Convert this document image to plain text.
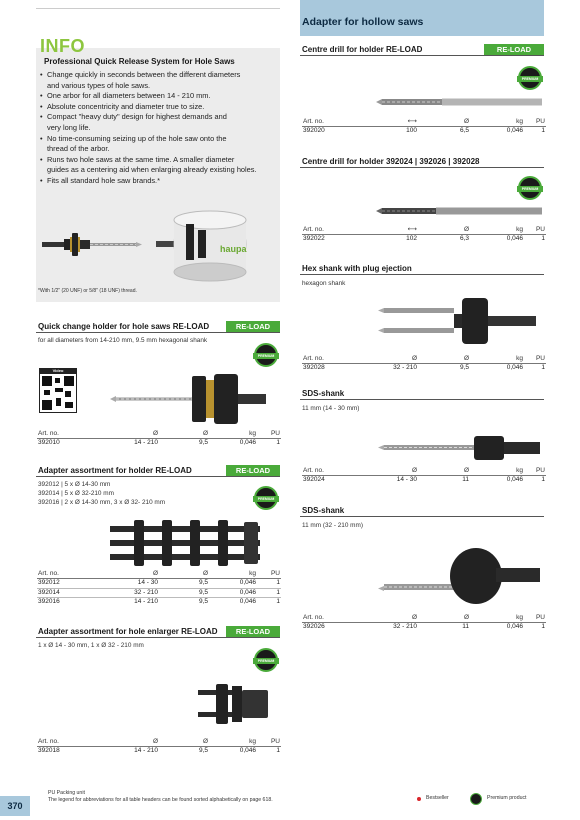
Adapter for hollow saws
INFO
Professional Quick Release System for Hole Saws
• Change quickly in seconds between the different diameters
and various types of hole saws.
• One arbor for all diameters between 14 - 210 mm.
• Absolute concentricity and diameter true to size.
• Compact "heavy duty" design for highest demands and
very long life.
• No time-consuming seizing up of the hole saw onto the
thread of the arbor.
• Runs two hole saws at the same time. A smaller diameter
guides as a centering aid when enlarging already existing holes.
• Fits all standard hole saw brands.*
haupa
*With 1/2" (20 UNF) or 5/8" (18 UNF) thread.
Quick change holder for hole saws RE-LOAD	RE-LOAD
for all diameters from 14-210 mm, 9.5 mm hexagonal shank
PREMIUM
Video
Art. no.	Ø	Ø	kg	PU
392010	14 - 210	9,5	0,046	1
Adapter assortment for holder RE-LOAD	RE-LOAD
392012 | 5 x Ø 14-30 mm
392014 | 5 x Ø 32-210 mm
392016 | 2 x Ø 14-30 mm, 3 x Ø 32- 210 mm	PREMIUM
Art. no.	Ø	Ø	kg	PU
392012	14 - 30	9,5	0,046	1
392014	32 - 210	9,5	0,046	1
392016	14 - 210	9,5	0,046	1
Adapter assortment for hole enlarger RE-LOAD	RE-LOAD
1 x Ø 14 - 30 mm, 1 x Ø 32 - 210 mm
PREMIUM
Art. no.	Ø	Ø	kg	PU
392018	14 - 210	9,5	0,046	1
Centre drill for holder RE-LOAD	RE-LOAD
PREMIUM
Art. no.	⟷	Ø	kg	PU
392020	100	6,5	0,046	1
Centre drill for holder 392024 | 392026 | 392028
PREMIUM
Art. no.	⟷	Ø	kg	PU
392022	102	6,3	0,046	1
Hex shank with plug ejection
hexagon shank
Art. no.	Ø	Ø	kg	PU
392028	32 - 210	9,5	0,046	1
SDS-shank
11 mm (14 - 30 mm)
Art. no.	Ø	Ø	kg	PU
392024	14 - 30	11	0,046	1
SDS-shank
11 mm (32 - 210 mm)
Art. no.	Ø	Ø	kg	PU
392026	32 - 210	11	0,046	1
370
PU Packing unit
The legend for abbreviations for all table headers can be found sorted alphabetically on page 618.	Bestseller	Premium product
